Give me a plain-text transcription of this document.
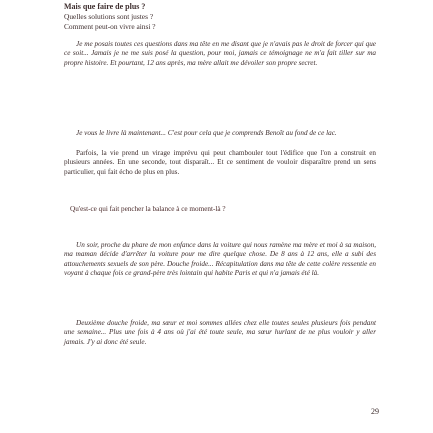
Mais que faire de plus ?

Quelles solutions sont justes ?

Comment peut-on vivre ainsi ?

Je me posais toutes ces questions dans ma tête en me disant que je n'avais pas le droit de forcer qui que ce soit... Jamais je ne me suis posé la question, pour moi, jamais ce témoignage ne m'a fait tiller sur ma propre histoire. Et pourtant, 12 ans après, ma mère allait me dévoiler son propre secret.

Je vous le livre là maintenant... C'est pour cela que je comprends Benoît au fond de ce lac.

Parfois, la vie prend un virage imprévu qui peut chambouler tout l'édifice que l'on a construit en plusieurs années. En une seconde, tout disparaît... Et ce sentiment de vouloir disparaître prend un sens particulier, qui fait écho de plus en plus.

Qu'est-ce qui fait pencher la balance à ce moment-là ?

Un soir, proche du phare de mon enfance dans la voiture qui nous ramène ma mère et moi à sa maison, ma maman décide d'arrêter la voiture pour me dire quelque chose. De 8 ans à 12 ans, elle a subi des attouchements sexuels de son père. Douche froide... Récapitulation dans ma tête de cette colère ressentie en voyant à chaque fois ce grand-père très lointain qui habite Paris et qui n'a jamais été là.

Deuxième douche froide, ma sœur et moi sommes allées chez elle toutes seules plusieurs fois pendant une semaine... Plus une fois à 4 ans où j'ai été toute seule, ma sœur hurlant de ne plus vouloir y aller jamais. J'y ai donc été seule.

29
